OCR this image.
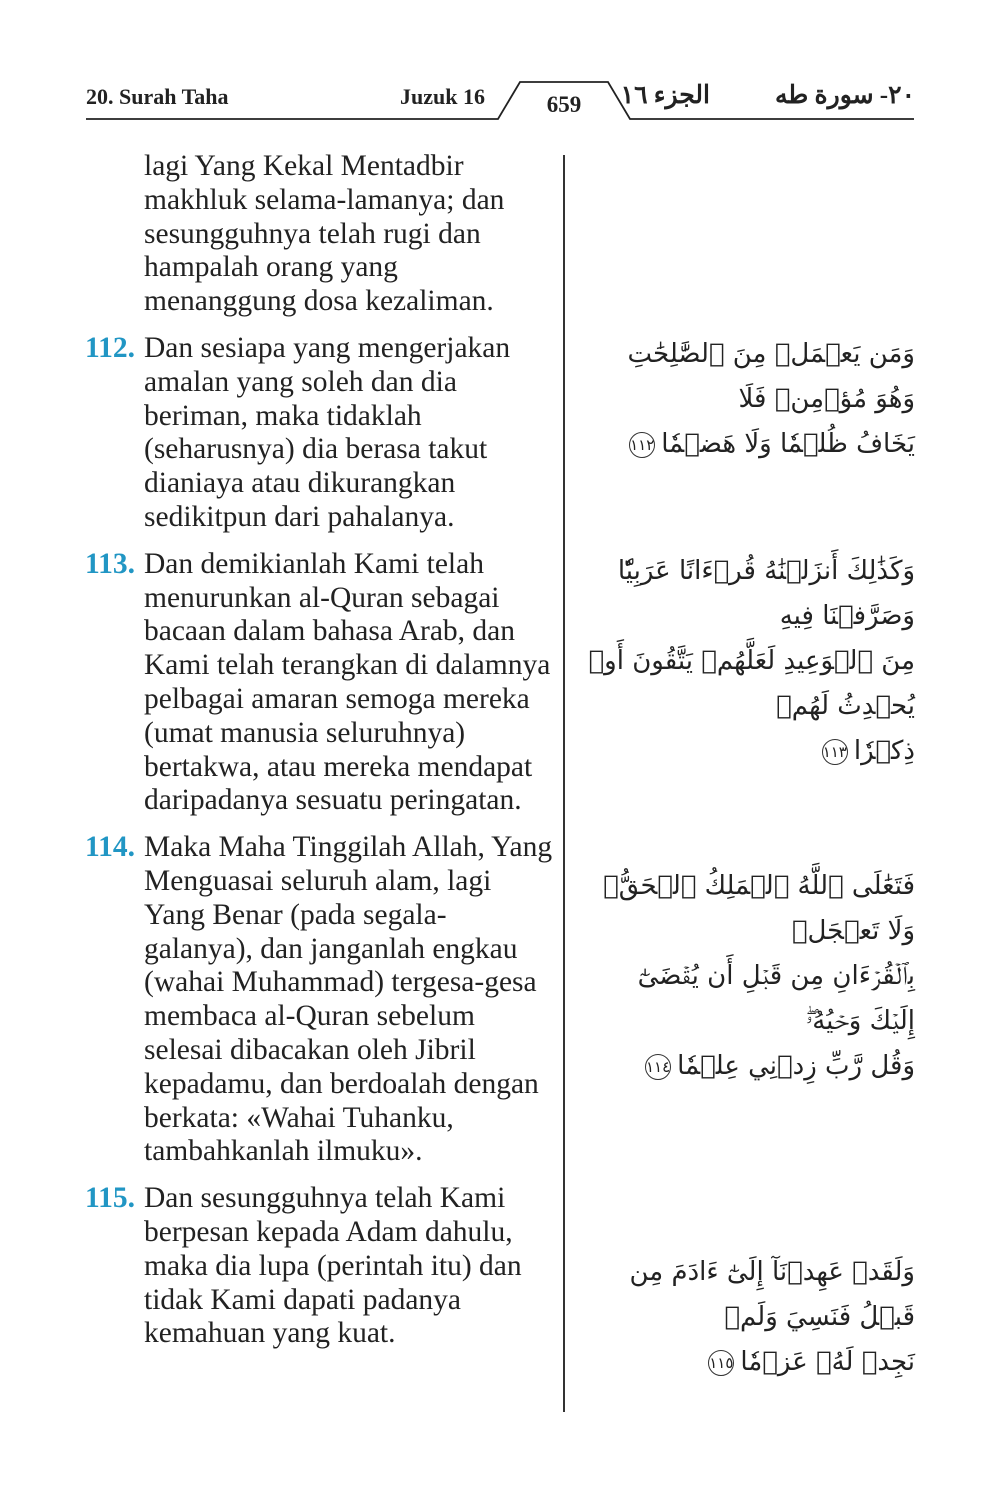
20. Surah Taha	Juzuk 16	659	الجزء ١٦	٢٠- سورة طه
lagi Yang Kekal Mentadbir makhluk selama-lamanya; dan sesungguhnya telah rugi dan hampalah orang yang menanggung dosa kezaliman.
112. Dan sesiapa yang mengerjakan amalan yang soleh dan dia beriman, maka tidaklah (seharusnya) dia berasa takut dianiaya atau dikurangkan sedikitpun dari pahalanya.
113. Dan demikianlah Kami telah menurunkan al-Quran sebagai bacaan dalam bahasa Arab, dan Kami telah terangkan di dalamnya pelbagai amaran semoga mereka (umat manusia seluruhnya) bertakwa, atau mereka mendapat daripadanya sesuatu peringatan.
114. Maka Maha Tinggilah Allah, Yang Menguasai seluruh alam, lagi Yang Benar (pada segala-galanya), dan janganlah engkau (wahai Muhammad) tergesa-gesa membaca al-Quran sebelum selesai dibacakan oleh Jibril kepadamu, dan berdoalah dengan berkata: «Wahai Tuhanku, tambahkanlah ilmuku».
115. Dan sesungguhnya telah Kami berpesan kepada Adam dahulu, maka dia lupa (perintah itu) dan tidak Kami dapati padanya kemahuan yang kuat.
وَمَن يَعۡمَلۡ مِنَ ٱلصَّٰلِحَٰتِ وَهُوَ مُؤۡمِنٞ فَلَا
يَخَافُ ظُلۡمٗا وَلَا هَضۡمٗا١١٢
وَكَذَٰلِكَ أَنزَلۡنَٰهُ قُرۡءَانًا عَرَبِيّٗا وَصَرَّفۡنَا فِيهِ
مِنَ ٱلۡوَعِيدِ لَعَلَّهُمۡ يَتَّقُونَ أَوۡ يُحۡدِثُ لَهُمۡ
ذِكۡرٗا١١٣
فَتَعَٰلَى ٱللَّهُ ٱلۡمَلِكُ ٱلۡحَقُّۗ وَلَا تَعۡجَلۡ
بِٱلۡقُرۡءَانِ مِن قَبۡلِ أَن يُقۡضَىٰٓ إِلَيۡكَ وَحۡيُهُۥۖ
وَقُل رَّبِّ زِدۡنِي عِلۡمٗا١١٤
وَلَقَدۡ عَهِدۡنَآ إِلَىٰٓ ءَادَمَ مِن قَبۡلُ فَنَسِيَ وَلَمۡ
نَجِدۡ لَهُۥ عَزۡمٗا١١٥
